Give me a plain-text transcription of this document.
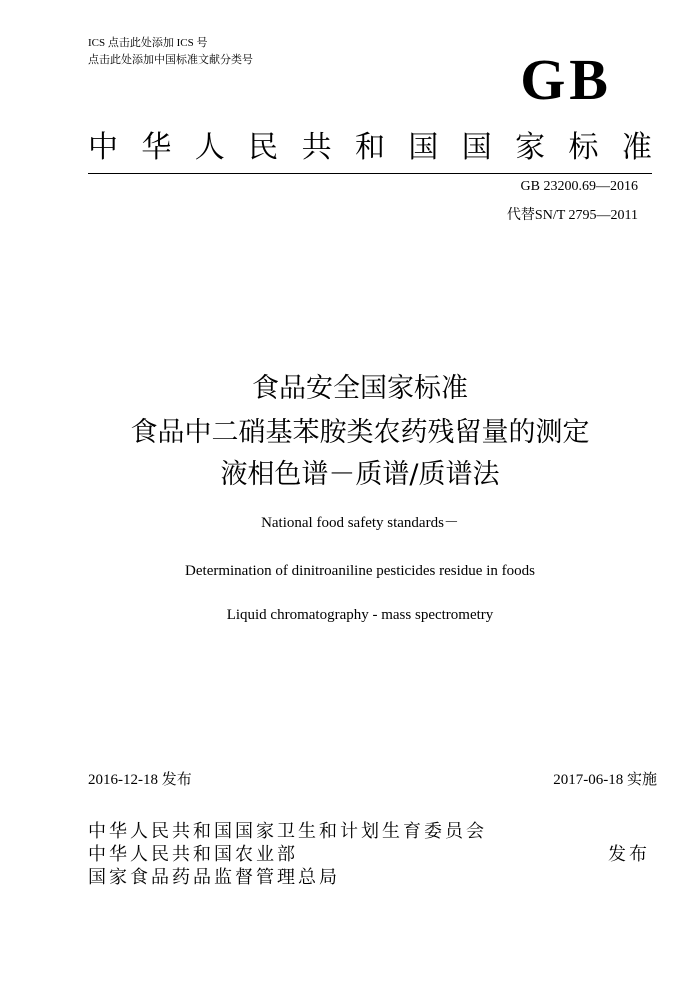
ICS 点击此处添加 ICS 号
点击此处添加中国标准文献分类号	GB
中 华 人 民 共 和 国 国 家 标 准
GB 23200.69—2016
代替SN/T 2795—2011
食品安全国家标准
食品中二硝基苯胺类农药残留量的测定
液相色谱－质谱/质谱法
National food safety standards－
Determination of dinitroaniline pesticides residue in foods
Liquid chromatography - mass spectrometry
2016-12-18 发布	2017-06-18 实施
中华人民共和国国家卫生和计划生育委员会
中华人民共和国农业部
国家食品药品监督管理总局
发布
